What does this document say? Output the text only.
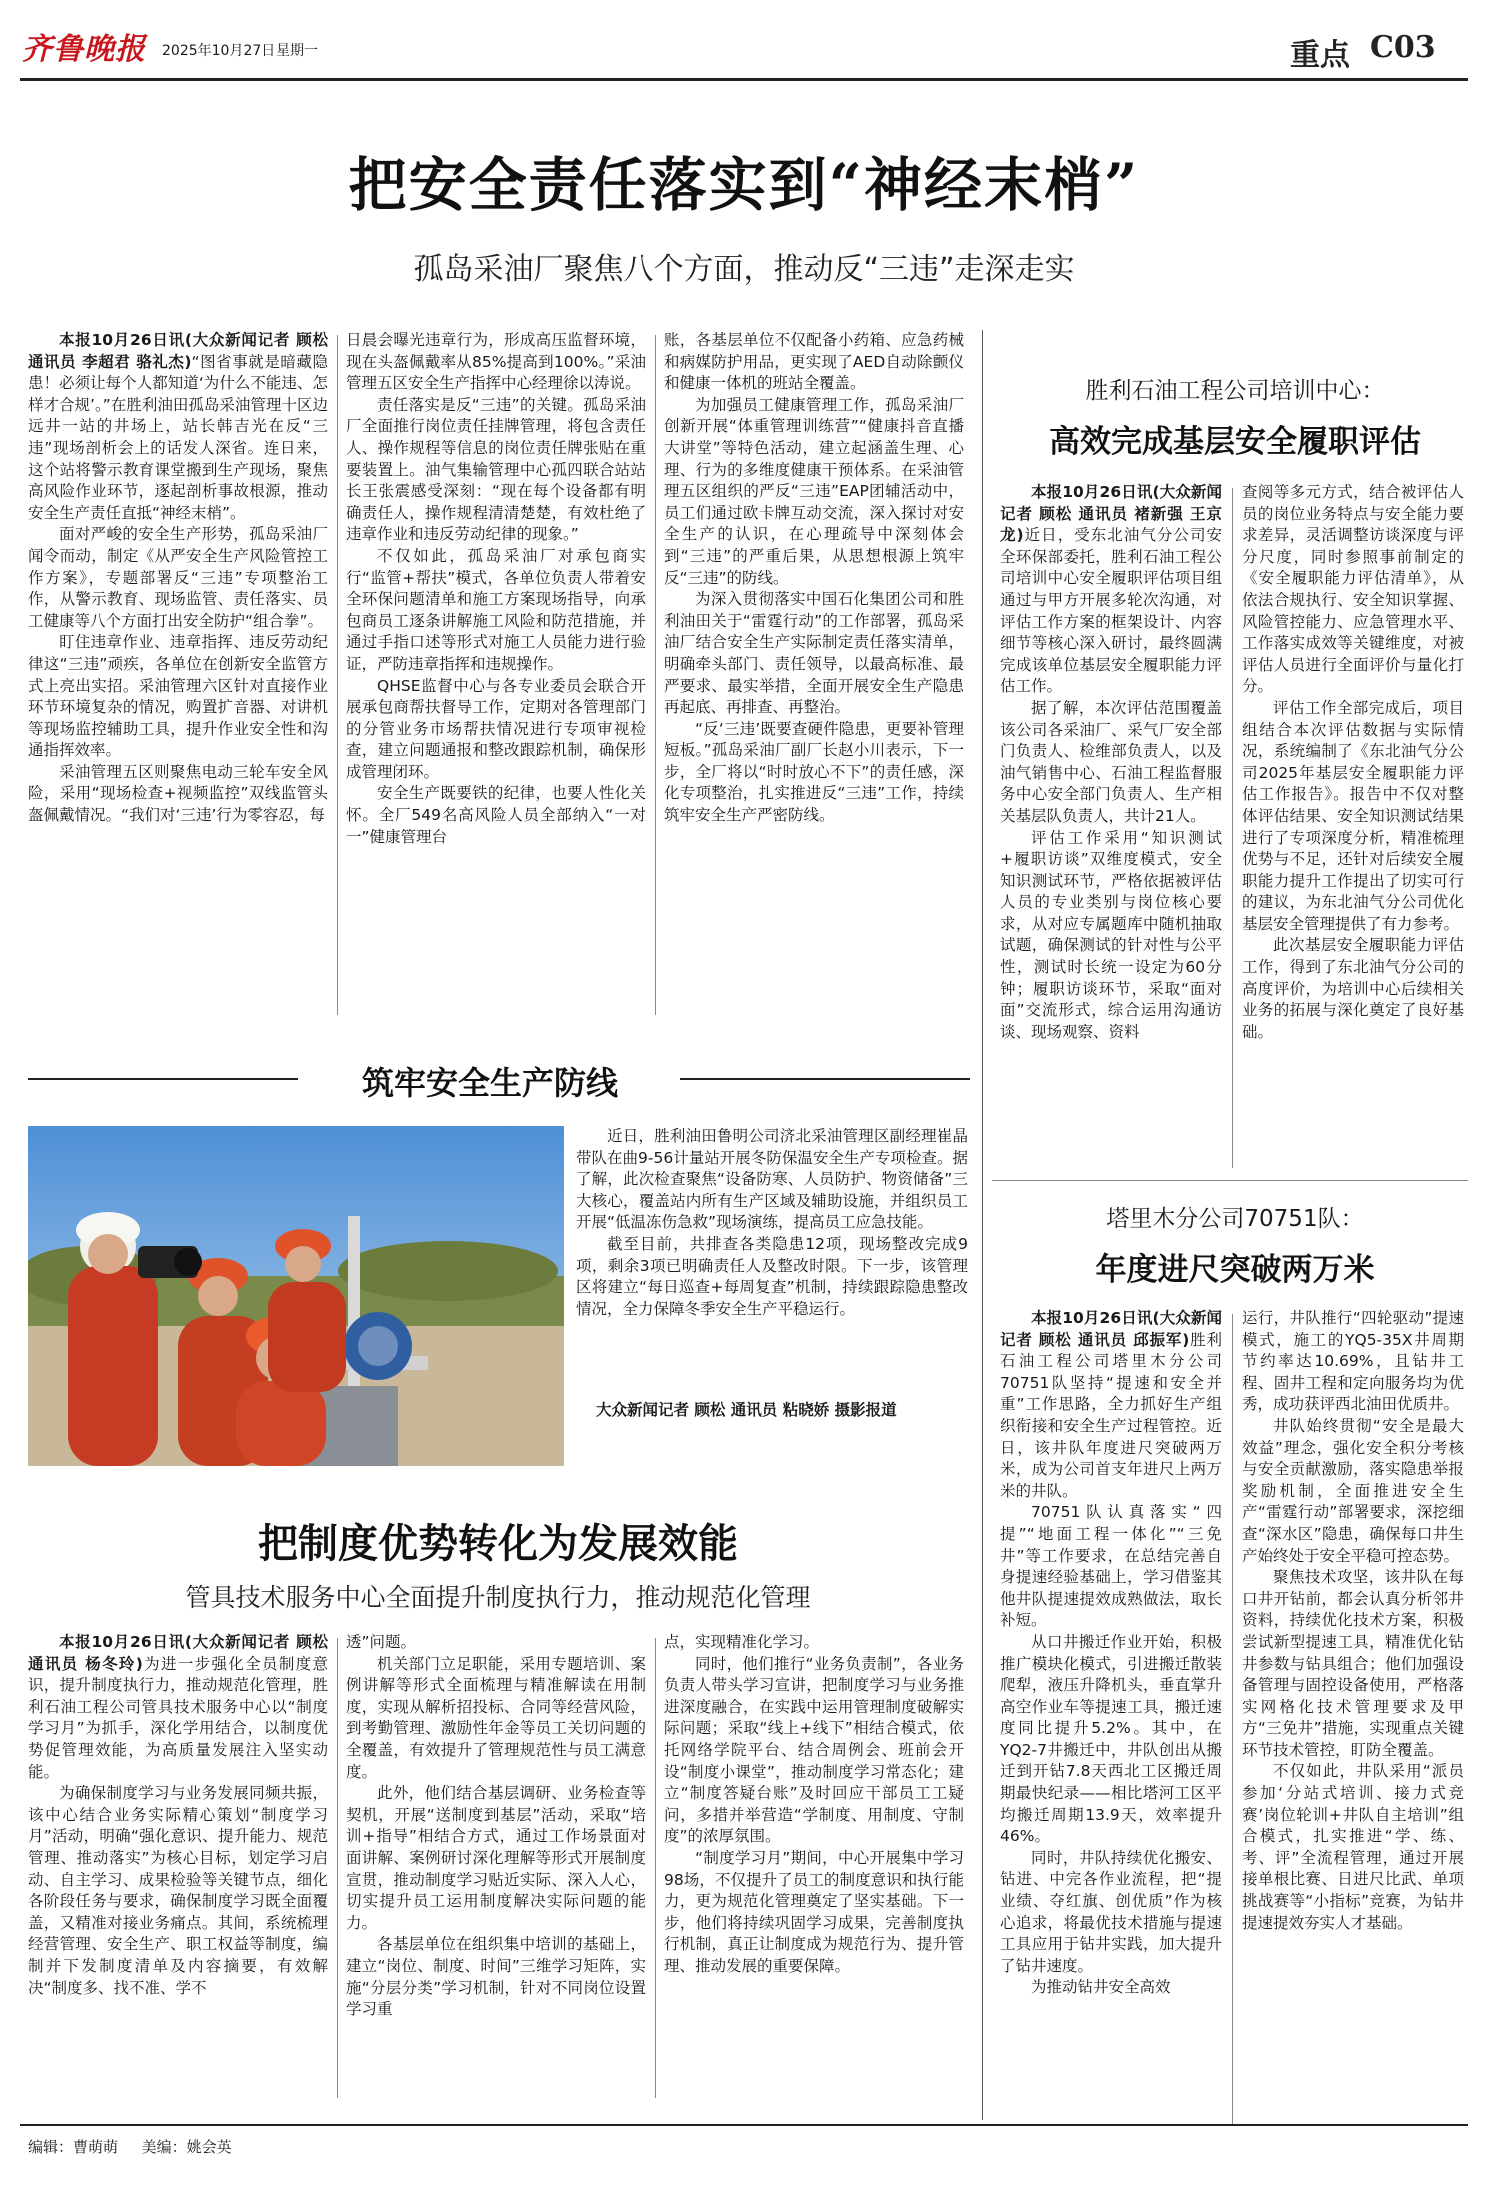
齐鲁晚报 2025年10月27日 星期一	重点 C03
把安全责任落实到“神经末梢”
孤岛采油厂聚焦八个方面，推动反“三违”走深走实

本报10月26日讯(大众新闻记者 顾松 通讯员 李超君 骆礼杰)“图省事就是暗藏隐患！必须让每个人都知道‘为什么不能违、怎样才合规’。”在胜利油田孤岛采油管理十区边远井一站的井场上，站长韩吉光在反“三违”现场剖析会上的话发人深省。连日来，这个站将警示教育课堂搬到生产现场，聚焦高风险作业环节，逐起剖析事故根源，推动安全生产责任直抵“神经末梢”。

面对严峻的安全生产形势，孤岛采油厂闻令而动，制定《从严安全生产风险管控工作方案》，专题部署反“三违”专项整治工作，从警示教育、现场监管、责任落实、员工健康等八个方面打出安全防护“组合拳”。

盯住违章作业、违章指挥、违反劳动纪律这“三违”顽疾，各单位在创新安全监管方式上亮出实招。采油管理六区针对直接作业环节环境复杂的情况，购置扩音器、对讲机等现场监控辅助工具，提升作业安全性和沟通指挥效率。

采油管理五区则聚焦电动三轮车安全风险，采用“现场检查+视频监控”双线监管头盔佩戴情况。“我们对‘三违’行为零容忍，每

日晨会曝光违章行为，形成高压监督环境，现在头盔佩戴率从85%提高到100%。”采油管理五区安全生产指挥中心经理徐以涛说。

责任落实是反“三违”的关键。孤岛采油厂全面推行岗位责任挂牌管理，将包含责任人、操作规程等信息的岗位责任牌张贴在重要装置上。油气集输管理中心孤四联合站站长王张震感受深刻：“现在每个设备都有明确责任人，操作规程清清楚楚，有效杜绝了违章作业和违反劳动纪律的现象。”

不仅如此，孤岛采油厂对承包商实行“监管+帮扶”模式，各单位负责人带着安全环保问题清单和施工方案现场指导，向承包商员工逐条讲解施工风险和防范措施，并通过手指口述等形式对施工人员能力进行验证，严防违章指挥和违规操作。

QHSE监督中心与各专业委员会联合开展承包商帮扶督导工作，定期对各管理部门的分管业务市场帮扶情况进行专项审视检查，建立问题通报和整改跟踪机制，确保形成管理闭环。

安全生产既要铁的纪律，也要人性化关怀。全厂549名高风险人员全部纳入“一对一”健康管理台

账，各基层单位不仅配备小药箱、应急药械和病媒防护用品，更实现了AED自动除颤仪和健康一体机的班站全覆盖。

为加强员工健康管理工作，孤岛采油厂创新开展“体重管理训练营”“健康抖音直播大讲堂”等特色活动，建立起涵盖生理、心理、行为的多维度健康干预体系。在采油管理五区组织的严反“三违”EAP团辅活动中，员工们通过欧卡牌互动交流，深入探讨对安全生产的认识，在心理疏导中深刻体会到“三违”的严重后果，从思想根源上筑牢反“三违”的防线。

为深入贯彻落实中国石化集团公司和胜利油田关于“雷霆行动”的工作部署，孤岛采油厂结合安全生产实际制定责任落实清单，明确牵头部门、责任领导，以最高标准、最严要求、最实举措，全面开展安全生产隐患再起底、再排查、再整治。

“反‘三违’既要查硬件隐患，更要补管理短板。”孤岛采油厂副厂长赵小川表示，下一步，全厂将以“时时放心不下”的责任感，深化专项整治，扎实推进反“三违”工作，持续筑牢安全生产严密防线。

胜利石油工程公司培训中心：
高效完成基层安全履职评估

本报10月26日讯(大众新闻记者 顾松 通讯员 褚新强 王京龙)近日，受东北油气分公司安全环保部委托，胜利石油工程公司培训中心安全履职评估项目组通过与甲方开展多轮次沟通，对评估工作方案的框架设计、内容细节等核心深入研讨，最终圆满完成该单位基层安全履职能力评估工作。

据了解，本次评估范围覆盖该公司各采油厂、采气厂安全部门负责人、检维部负责人，以及油气销售中心、石油工程监督服务中心安全部门负责人、生产相关基层队负责人，共计21人。

评估工作采用“知识测试+履职访谈”双维度模式，安全知识测试环节，严格依据被评估人员的专业类别与岗位核心要求，从对应专属题库中随机抽取试题，确保测试的针对性与公平性，测试时长统一设定为60分钟；履职访谈环节，采取“面对面”交流形式，综合运用沟通访谈、现场观察、资料

查阅等多元方式，结合被评估人员的岗位业务特点与安全能力要求差异，灵活调整访谈深度与评分尺度，同时参照事前制定的《安全履职能力评估清单》，从依法合规执行、安全知识掌握、风险管控能力、应急管理水平、工作落实成效等关键维度，对被评估人员进行全面评价与量化打分。

评估工作全部完成后，项目组结合本次评估数据与实际情况，系统编制了《东北油气分公司2025年基层安全履职能力评估工作报告》。报告中不仅对整体评估结果、安全知识测试结果进行了专项深度分析，精准梳理优势与不足，还针对后续安全履职能力提升工作提出了切实可行的建议，为东北油气分公司优化基层安全管理提供了有力参考。

此次基层安全履职能力评估工作，得到了东北油气分公司的高度评价，为培训中心后续相关业务的拓展与深化奠定了良好基础。

塔里木分公司70751队：
年度进尺突破两万米

本报10月26日讯(大众新闻记者 顾松 通讯员 邱振军)胜利石油工程公司塔里木分公司70751队坚持“提速和安全并重”工作思路，全力抓好生产组织衔接和安全生产过程管控。近日，该井队年度进尺突破两万米，成为公司首支年进尺上两万米的井队。

70751队认真落实“四提”“地面工程一体化”“三免井”等工作要求，在总结完善自身提速经验基础上，学习借鉴其他井队提速提效成熟做法，取长补短。

从口井搬迁作业开始，积极推广模块化模式，引进搬迁散装爬犁，液压升降机头，垂直掌升高空作业车等提速工具，搬迁速度同比提升5.2%。其中，在YQ2-7井搬迁中，井队创出从搬迁到开钻7.8天西北工区搬迁周期最快纪录——相比塔河工区平均搬迁周期13.9天，效率提升46%。

同时，井队持续优化搬安、钻进、中完各作业流程，把“提业绩、夺红旗、创优质”作为核心追求，将最优技术措施与提速工具应用于钻井实践，加大提升了钻井速度。

为推动钻井安全高效

运行，井队推行“四轮驱动”提速模式，施工的YQ5-35X井周期节约率达10.69%，且钻井工程、固井工程和定向服务均为优秀，成功获评西北油田优质井。

井队始终贯彻“安全是最大效益”理念，强化安全积分考核与安全贡献激励，落实隐患举报奖励机制，全面推进安全生产“雷霆行动”部署要求，深挖细查“深水区”隐患，确保每口井生产始终处于安全平稳可控态势。

聚焦技术攻坚，该井队在每口井开钻前，都会认真分析邻井资料，持续优化技术方案，积极尝试新型提速工具，精准优化钻井参数与钻具组合；他们加强设备管理与固控设备使用，严格落实网格化技术管理要求及甲方“三免井”措施，实现重点关键环节技术管控，盯防全覆盖。

不仅如此，井队采用“派员参加‘分站式培训、接力式竞赛’岗位轮训+井队自主培训”组合模式，扎实推进“学、练、考、评”全流程管理，通过开展接单根比赛、日进尺比武、单项挑战赛等“小指标”竞赛，为钻井提速提效夯实人才基础。

筑牢安全生产防线

近日，胜利油田鲁明公司济北采油管理区副经理崔晶带队在曲9-56计量站开展冬防保温安全生产专项检查。据了解，此次检查聚焦“设备防寒、人员防护、物资储备”三大核心，覆盖站内所有生产区域及辅助设施，并组织员工开展“低温冻伤急救”现场演练，提高员工应急技能。

截至目前，共排查各类隐患12项，现场整改完成9项，剩余3项已明确责任人及整改时限。下一步，该管理区将建立“每日巡查+每周复查”机制，持续跟踪隐患整改情况，全力保障冬季安全生产平稳运行。

大众新闻记者 顾松 通讯员 粘晓娇 摄影报道
把制度优势转化为发展效能
管具技术服务中心全面提升制度执行力，推动规范化管理

本报10月26日讯(大众新闻记者 顾松 通讯员 杨冬玲)为进一步强化全员制度意识，提升制度执行力，推动规范化管理，胜利石油工程公司管具技术服务中心以“制度学习月”为抓手，深化学用结合，以制度优势促管理效能，为高质量发展注入坚实动能。

为确保制度学习与业务发展同频共振，该中心结合业务实际精心策划“制度学习月”活动，明确“强化意识、提升能力、规范管理、推动落实”为核心目标，划定学习启动、自主学习、成果检验等关键节点，细化各阶段任务与要求，确保制度学习既全面覆盖，又精准对接业务痛点。其间，系统梳理经营管理、安全生产、职工权益等制度，编制并下发制度清单及内容摘要，有效解决“制度多、找不准、学不

透”问题。

机关部门立足职能，采用专题培训、案例讲解等形式全面梳理与精准解读在用制度，实现从解析招投标、合同等经营风险，到考勤管理、激励性年金等员工关切问题的全覆盖，有效提升了管理规范性与员工满意度。

此外，他们结合基层调研、业务检查等契机，开展“送制度到基层”活动，采取“培训+指导”相结合方式，通过工作场景面对面讲解、案例研讨深化理解等形式开展制度宣贯，推动制度学习贴近实际、深入人心，切实提升员工运用制度解决实际问题的能力。

各基层单位在组织集中培训的基础上，建立“岗位、制度、时间”三维学习矩阵，实施“分层分类”学习机制，针对不同岗位设置学习重

点，实现精准化学习。

同时，他们推行“业务负责制”，各业务负责人带头学习宣讲，把制度学习与业务推进深度融合，在实践中运用管理制度破解实际问题；采取“线上+线下”相结合模式，依托网络学院平台、结合周例会、班前会开设“制度小课堂”，推动制度学习常态化；建立“制度答疑台账”及时回应干部员工工疑问，多措并举营造“学制度、用制度、守制度”的浓厚氛围。

“制度学习月”期间，中心开展集中学习98场，不仅提升了员工的制度意识和执行能力，更为规范化管理奠定了坚实基础。下一步，他们将持续巩固学习成果，完善制度执行机制，真正让制度成为规范行为、提升管理、推动发展的重要保障。

编辑：曹萌萌 美编：姚会英
